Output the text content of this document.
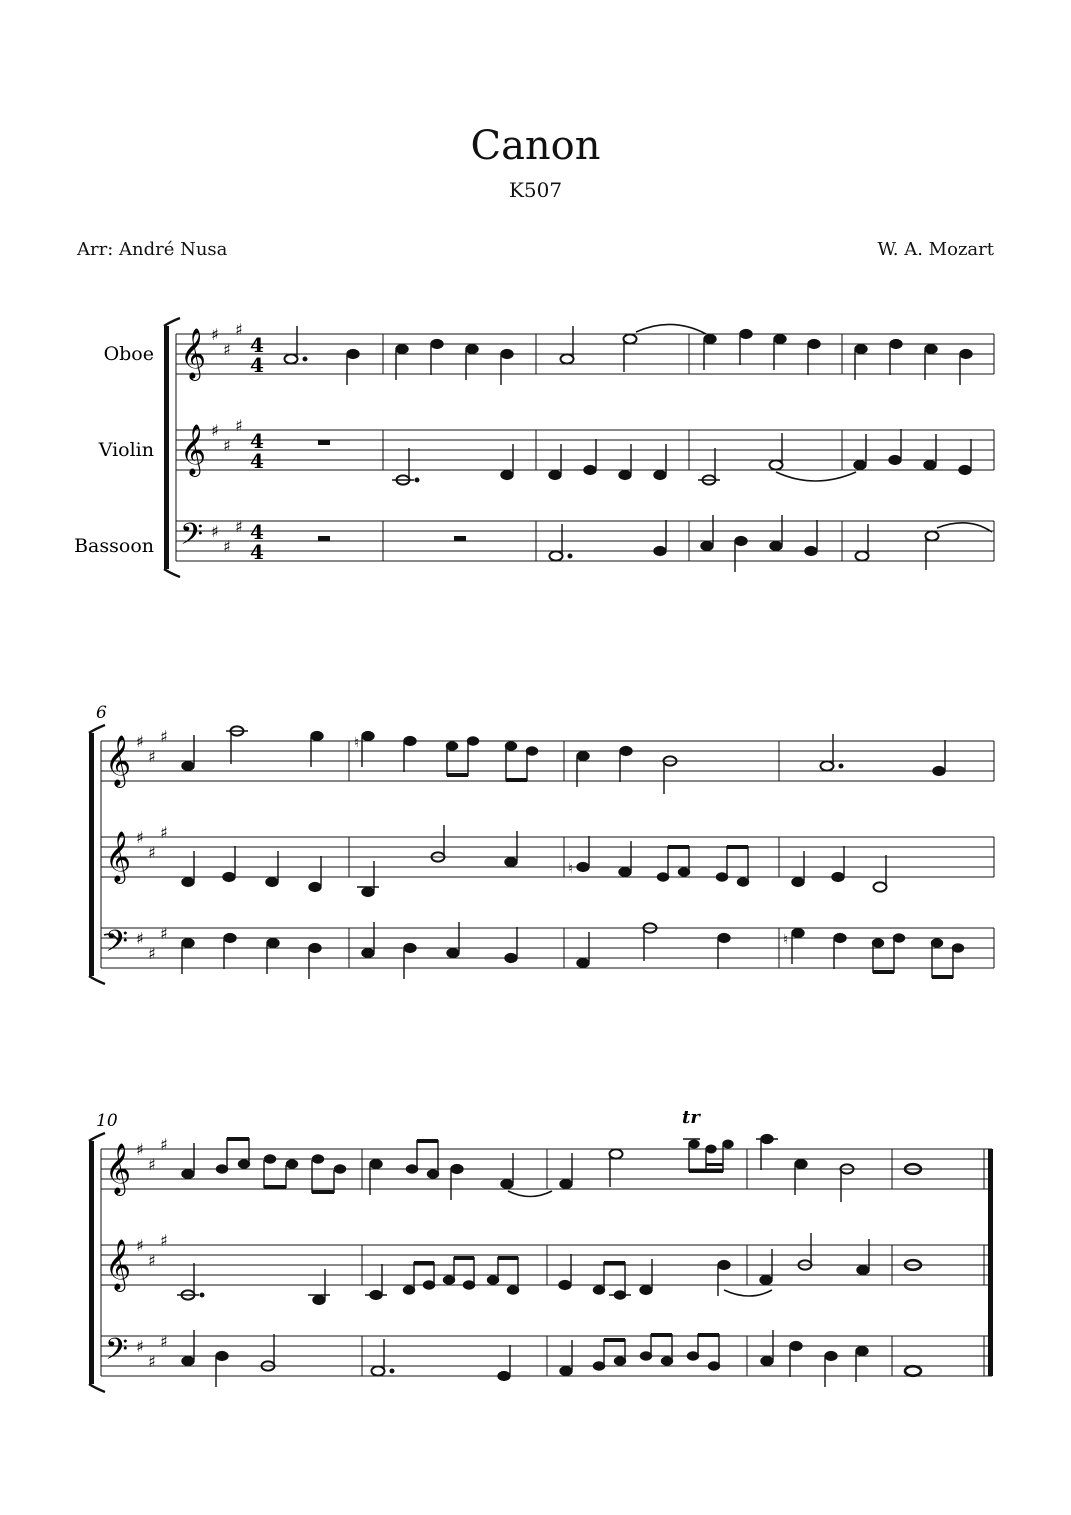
Canon
K507
Arr: André Nusa	W. A. Mozart
Oboe
Violin
Bassoon
𝄞
𝄞
𝄢
♯
♯
♯
♯
♯
♯
♯
♯
♯
4
4
4
4
4
4
6
𝄞
𝄞
𝄢
♯
♯
♯
♯
♯
♯
♯
♯
♯
♮
♮
♮
10
𝄞
𝄞
𝄢
♯
♯
♯
♯
♯
♯
♯
♯
♯
tr
